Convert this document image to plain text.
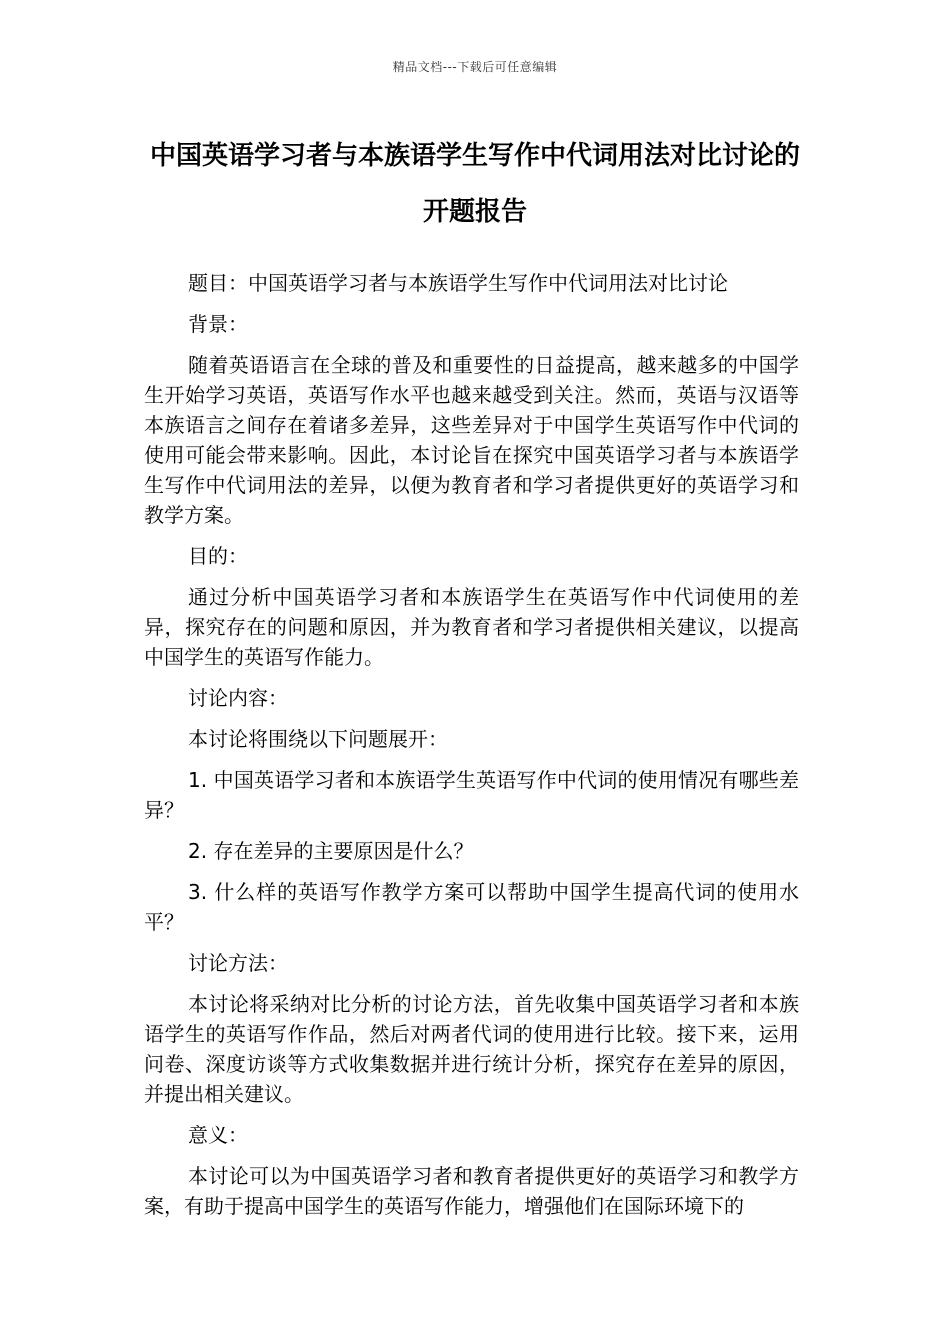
精品文档---下载后可任意编辑
中国英语学习者与本族语学生写作中代词用法对比讨论的开题报告

题目：中国英语学习者与本族语学生写作中代词用法对比讨论

背景：

随着英语语言在全球的普及和重要性的日益提高，越来越多的中国学生开始学习英语，英语写作水平也越来越受到关注。然而，英语与汉语等本族语言之间存在着诸多差异，这些差异对于中国学生英语写作中代词的使用可能会带来影响。因此，本讨论旨在探究中国英语学习者与本族语学生写作中代词用法的差异，以便为教育者和学习者提供更好的英语学习和教学方案。

目的：

通过分析中国英语学习者和本族语学生在英语写作中代词使用的差异，探究存在的问题和原因，并为教育者和学习者提供相关建议，以提高中国学生的英语写作能力。

讨论内容：

本讨论将围绕以下问题展开：

1. 中国英语学习者和本族语学生英语写作中代词的使用情况有哪些差异？

2. 存在差异的主要原因是什么？

3. 什么样的英语写作教学方案可以帮助中国学生提高代词的使用水平？

讨论方法：

本讨论将采纳对比分析的讨论方法，首先收集中国英语学习者和本族语学生的英语写作作品，然后对两者代词的使用进行比较。接下来，运用问卷、深度访谈等方式收集数据并进行统计分析，探究存在差异的原因，并提出相关建议。

意义：

本讨论可以为中国英语学习者和教育者提供更好的英语学习和教学方案，有助于提高中国学生的英语写作能力，增强他们在国际环境下的
